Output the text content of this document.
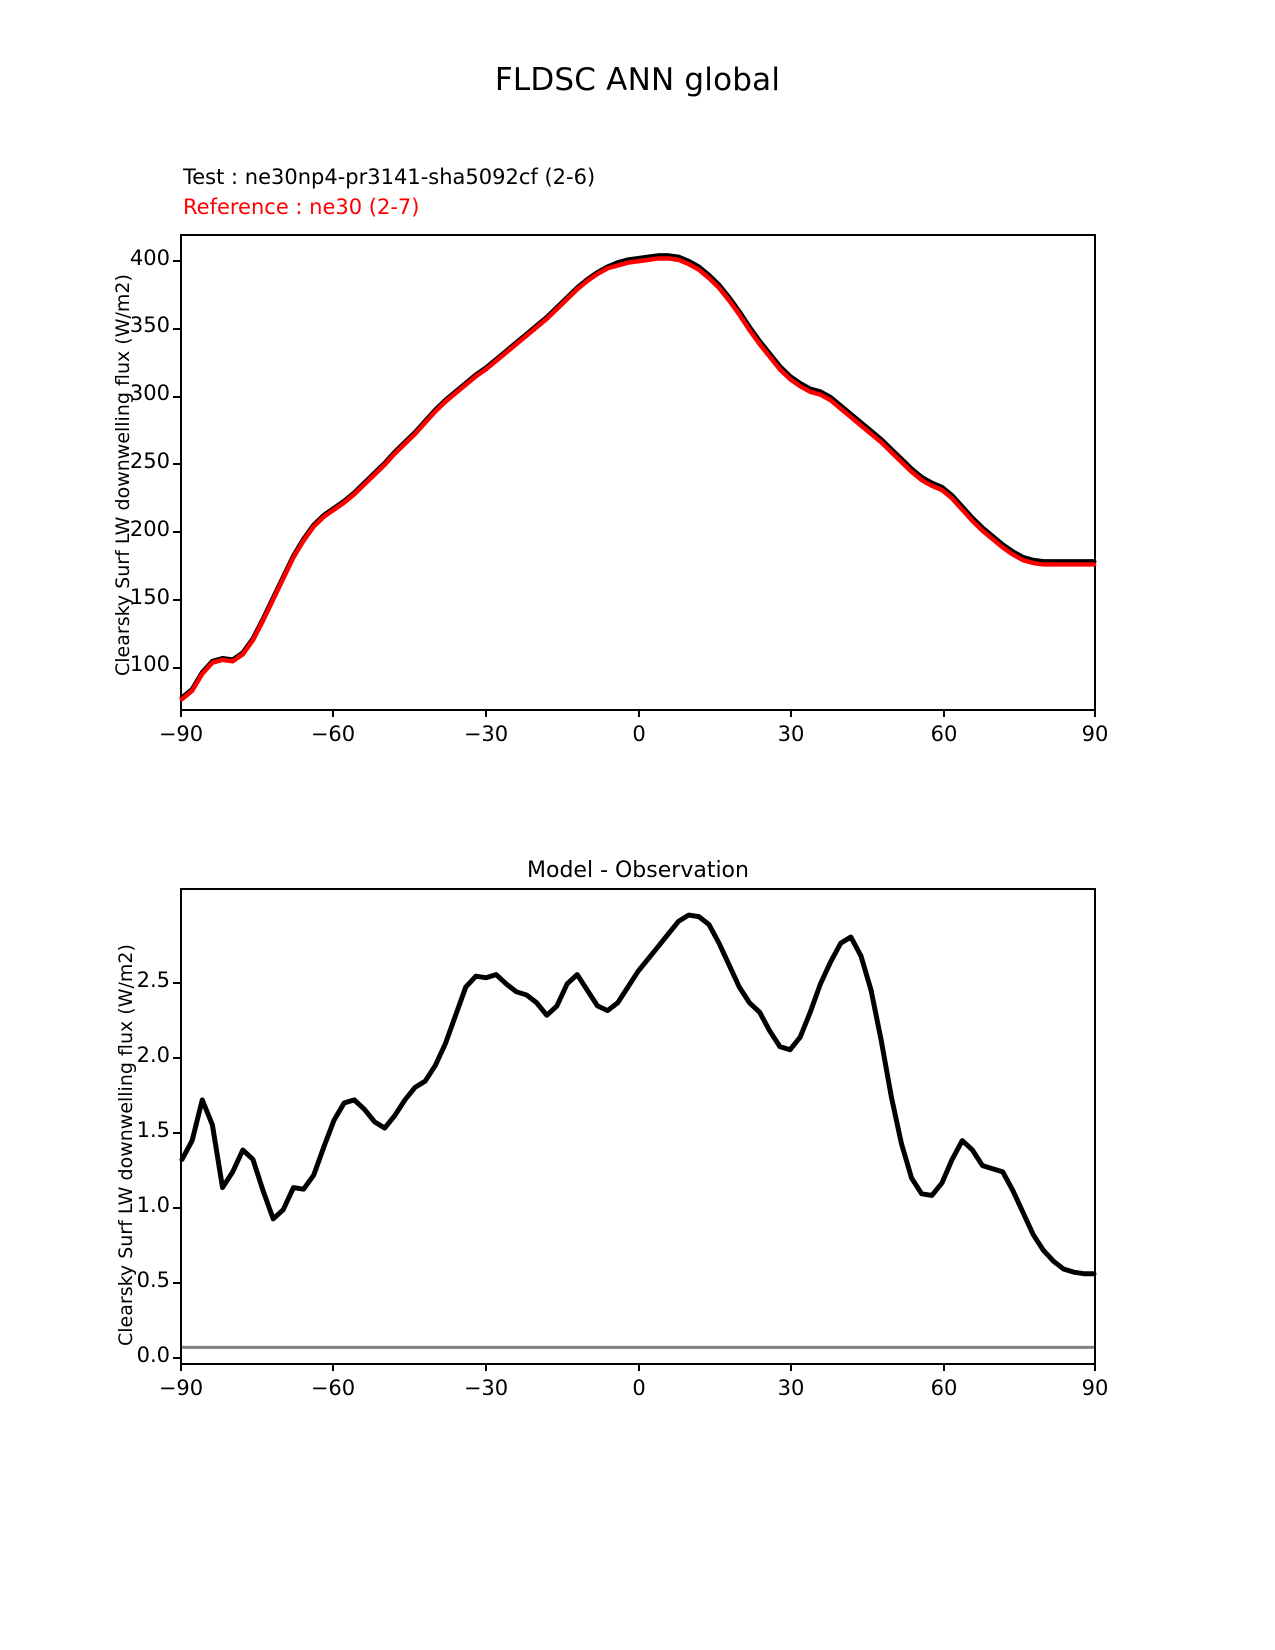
FLDSC ANN global
Test : ne30np4-pr3141-sha5092cf (2-6)
Reference : ne30 (2-7)
Clearsky Surf LW downwelling flux (W/m2)
400
350
300
250
200
150
100
−90	−60	−30	0	30	60	90
Model - Observation
Clearsky Surf LW downwelling flux (W/m2) 2.5
2.0
1.5
1.0
0.5
0.0
−90	−60	−30	0	30	60	90
